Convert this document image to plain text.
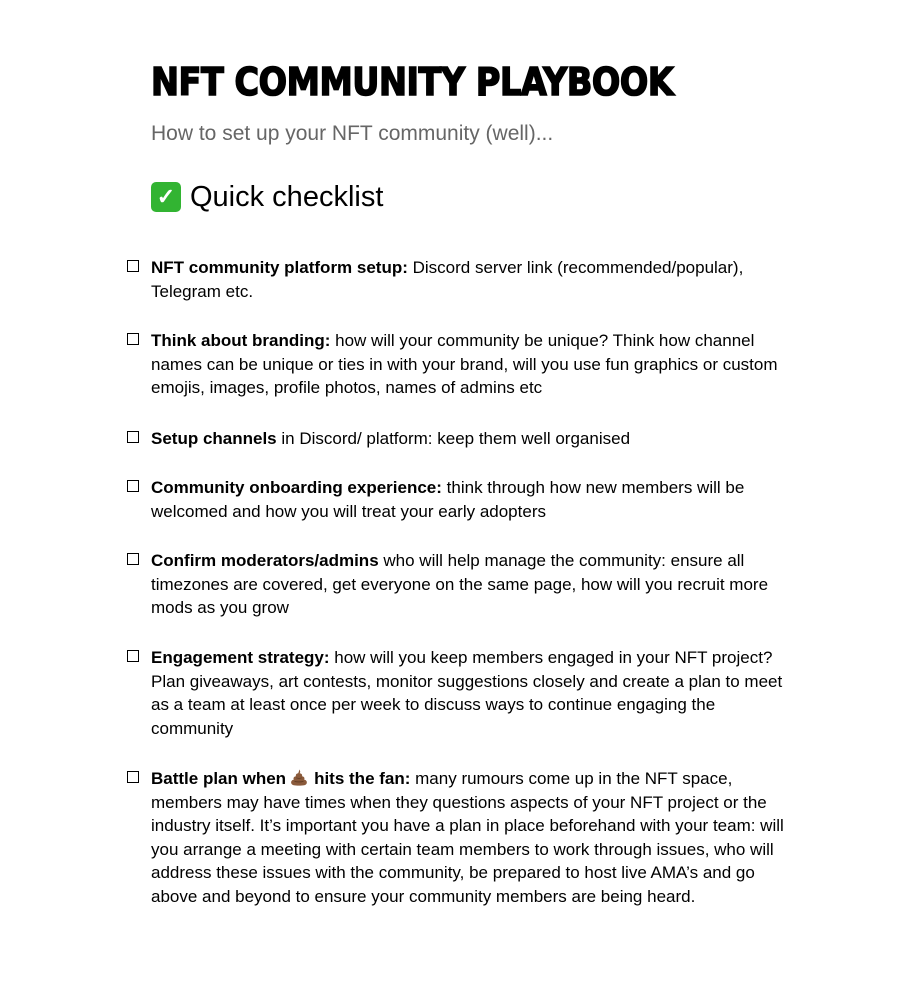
NFT COMMUNITY PLAYBOOK

How to set up your NFT community (well)...

✓ Quick checklist

NFT community platform setup: Discord server link (recommended/popular), Telegram etc.

Think about branding: how will your community be unique? Think how channel names can be unique or ties in with your brand, will you use fun graphics or custom emojis, images, profile photos, names of admins etc

Setup channels in Discord/ platform: keep them well organised

Community onboarding experience: think through how new members will be welcomed and how you will treat your early adopters

Confirm moderators/admins who will help manage the community: ensure all timezones are covered, get everyone on the same page, how will you recruit more mods as you grow

Engagement strategy: how will you keep members engaged in your NFT project? Plan giveaways, art contests, monitor suggestions closely and create a plan to meet as a team at least once per week to discuss ways to continue engaging the community

Battle plan when hits the fan: many rumours come up in the NFT space, members may have times when they questions aspects of your NFT project or the industry itself. It’s important you have a plan in place beforehand with your team: will you arrange a meeting with certain team members to work through issues, who will address these issues with the community, be prepared to host live AMA’s and go above and beyond to ensure your community members are being heard.
